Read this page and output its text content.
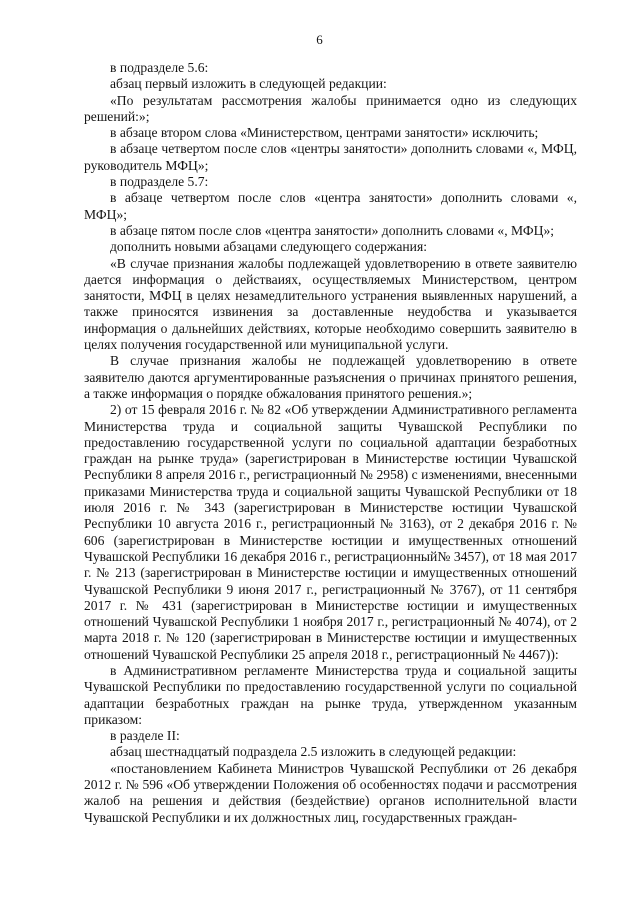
6

в подразделе 5.6:

абзац первый изложить в следующей редакции:

«По результатам рассмотрения жалобы принимается одно из следующих решений:»;

в абзаце втором слова «Министерством, центрами занятости» исключить;

в абзаце четвертом после слов «центры занятости» дополнить словами «, МФЦ, руководитель МФЦ»;

в подразделе 5.7:

в абзаце четвертом после слов «центра занятости» дополнить словами «, МФЦ»;

в абзаце пятом после слов «центра занятости» дополнить словами «, МФЦ»;

дополнить новыми абзацами следующего содержания:

«В случае признания жалобы подлежащей удовлетворению в ответе заявителю дается информация о действаиях, осуществляемых Министерством, центром занятости, МФЦ в целях незамедлительного устранения выявленных нарушений, а также приносятся извинения за доставленные неудобства и указывается информация о дальнейших действиях, которые необходимо совершить заявителю в целях получения государственной или муниципальной услуги.

В случае признания жалобы не подлежащей удовлетворению в ответе заявителю даются аргументированные разъяснения о причинах принятого решения, а также информация о порядке обжалования принятого решения.»;

2) от 15 февраля 2016 г. № 82 «Об утверждении Административного регламента Министерства труда и социальной защиты Чувашской Республики по предоставлению государственной услуги по социальной адаптации безработных граждан на рынке труда» (зарегистрирован в Министерстве юстиции Чувашской Республики 8 апреля 2016 г., регистрационный № 2958) с изменениями, внесенными приказами Министерства труда и социальной защиты Чувашской Республики от 18 июля 2016 г. № 343 (зарегистрирован в Министерстве юстиции Чувашской Республики 10 августа 2016 г., регистрационный № 3163), от 2 декабря 2016 г. № 606 (зарегистрирован в Министерстве юстиции и имущественных отношений Чувашской Республики 16 декабря 2016 г., регистрационный№ 3457), от 18 мая 2017 г. № 213 (зарегистрирован в Министерстве юстиции и имущественных отношений Чувашской Республики 9 июня 2017 г., регистрационный № 3767), от 11 сентября 2017 г. № 431 (зарегистрирован в Министерстве юстиции и имущественных отношений Чувашской Республики 1 ноября 2017 г., регистрационный № 4074), от 2 марта 2018 г. № 120 (зарегистрирован в Министерстве юстиции и имущественных отношений Чувашской Республики 25 апреля 2018 г., регистрационный № 4467)):

в Административном регламенте Министерства труда и социальной защиты Чувашской Республики по предоставлению государственной услуги по социальной адаптации безработных граждан на рынке труда, утвержденном указанным приказом:

в разделе II:

абзац шестнадцатый подраздела 2.5 изложить в следующей редакции:

«постановлением Кабинета Министров Чувашской Республики от 26 декабря 2012 г. № 596 «Об утверждении Положения об особенностях подачи и рассмотрения жалоб на решения и действия (бездействие) органов исполнительной власти Чувашской Республики и их должностных лиц, государственных граждан-
